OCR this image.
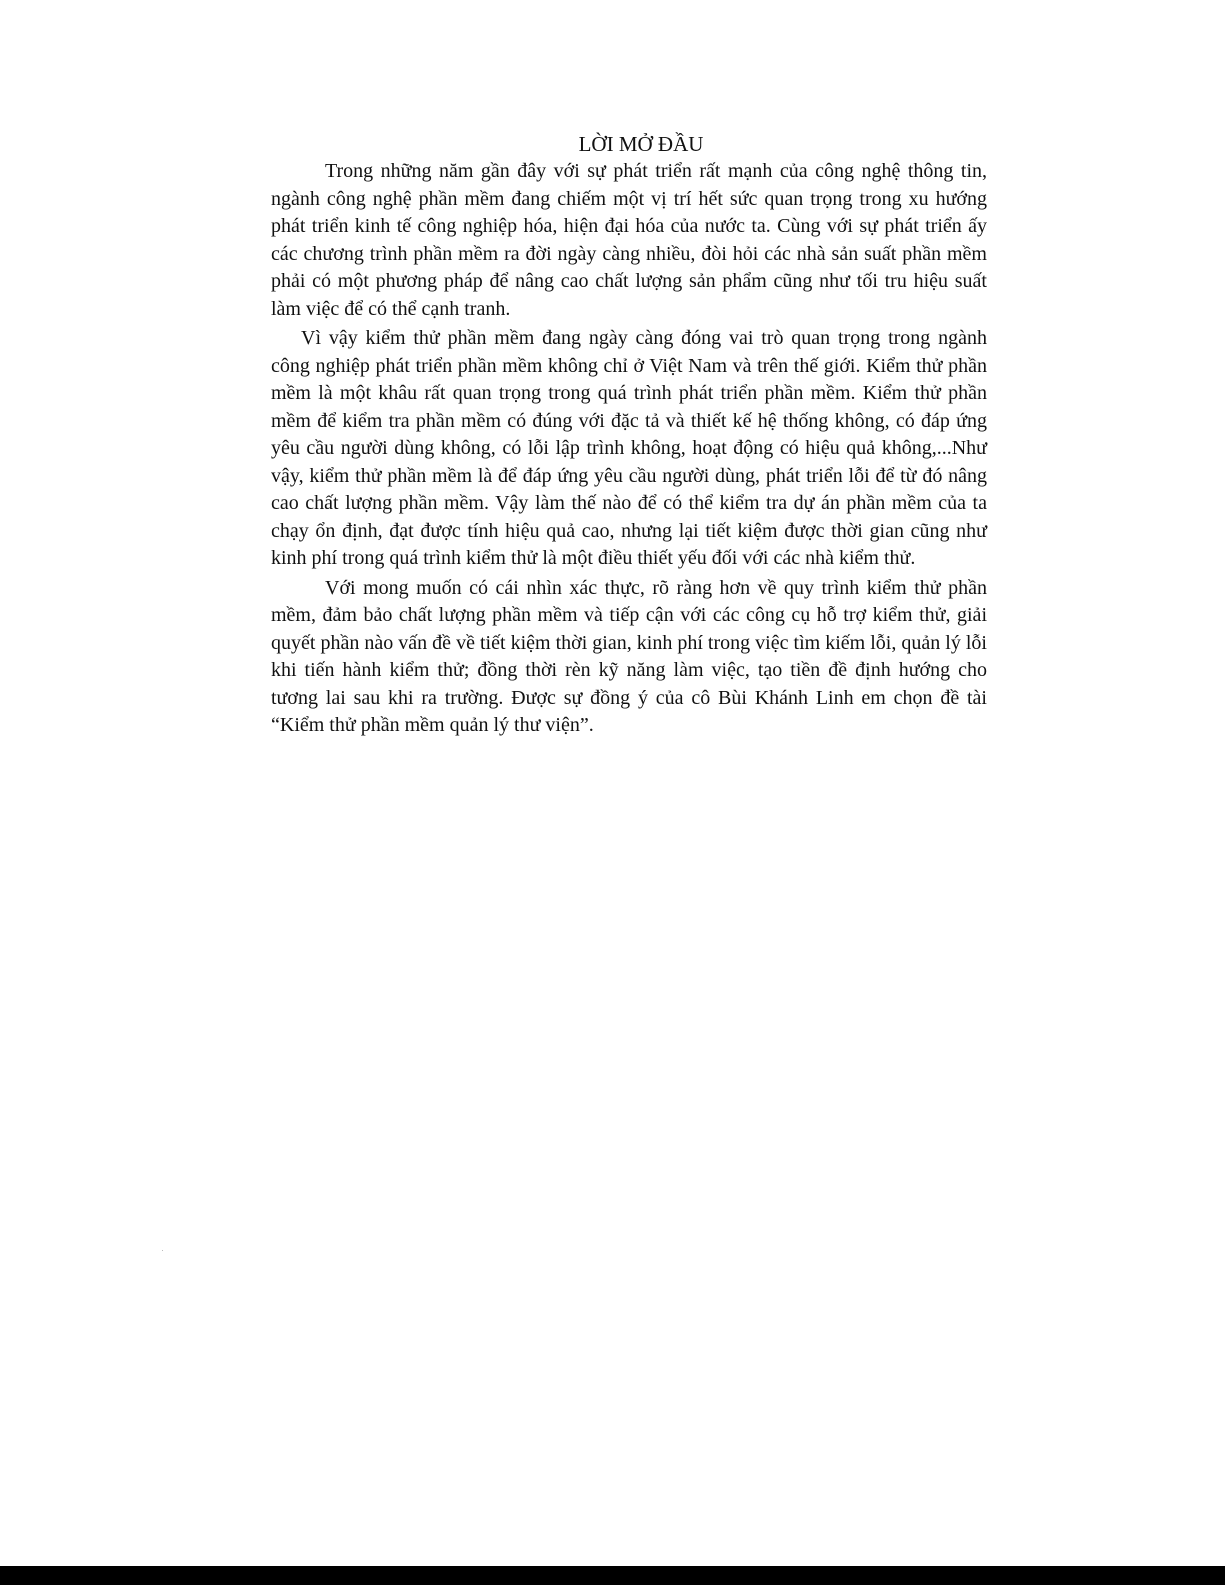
LỜI MỞ ĐẦU

Trong những năm gần đây với sự phát triển rất mạnh của công nghệ thông tin, ngành công nghệ phần mềm đang chiếm một vị trí hết sức quan trọng trong xu hướng phát triển kinh tế công nghiệp hóa, hiện đại hóa của nước ta. Cùng với sự phát triển ấy các chương trình phần mềm ra đời ngày càng nhiều, đòi hỏi các nhà sản suất phần mềm phải có một phương pháp để nâng cao chất lượng sản phẩm cũng như tối tru hiệu suất làm việc để có thể cạnh tranh.

Vì vậy kiểm thử phần mềm đang ngày càng đóng vai trò quan trọng trong ngành công nghiệp phát triển phần mềm không chỉ ở Việt Nam và trên thế giới. Kiểm thử phần mềm là một khâu rất quan trọng trong quá trình phát triển phần mềm. Kiểm thử phần mềm để kiểm tra phần mềm có đúng với đặc tả và thiết kế hệ thống không, có đáp ứng yêu cầu người dùng không, có lỗi lập trình không, hoạt động có hiệu quả không,...Như vậy, kiểm thử phần mềm là để đáp ứng yêu cầu người dùng, phát triển lỗi để từ đó nâng cao chất lượng phần mềm. Vậy làm thế nào để có thể kiểm tra dự án phần mềm của ta chạy ổn định, đạt được tính hiệu quả cao, nhưng lại tiết kiệm được thời gian cũng như kinh phí trong quá trình kiểm thử là một điều thiết yếu đối với các nhà kiểm thử.

Với mong muốn có cái nhìn xác thực, rõ ràng hơn về quy trình kiểm thử phần mềm, đảm bảo chất lượng phần mềm và tiếp cận với các công cụ hỗ trợ kiểm thử, giải quyết phần nào vấn đề về tiết kiệm thời gian, kinh phí trong việc tìm kiếm lỗi, quản lý lỗi khi tiến hành kiểm thử; đồng thời rèn kỹ năng làm việc, tạo tiền đề định hướng cho tương lai sau khi ra trường. Được sự đồng ý của cô Bùi Khánh Linh em chọn đề tài “Kiểm thử phần mềm quản lý thư viện”.
